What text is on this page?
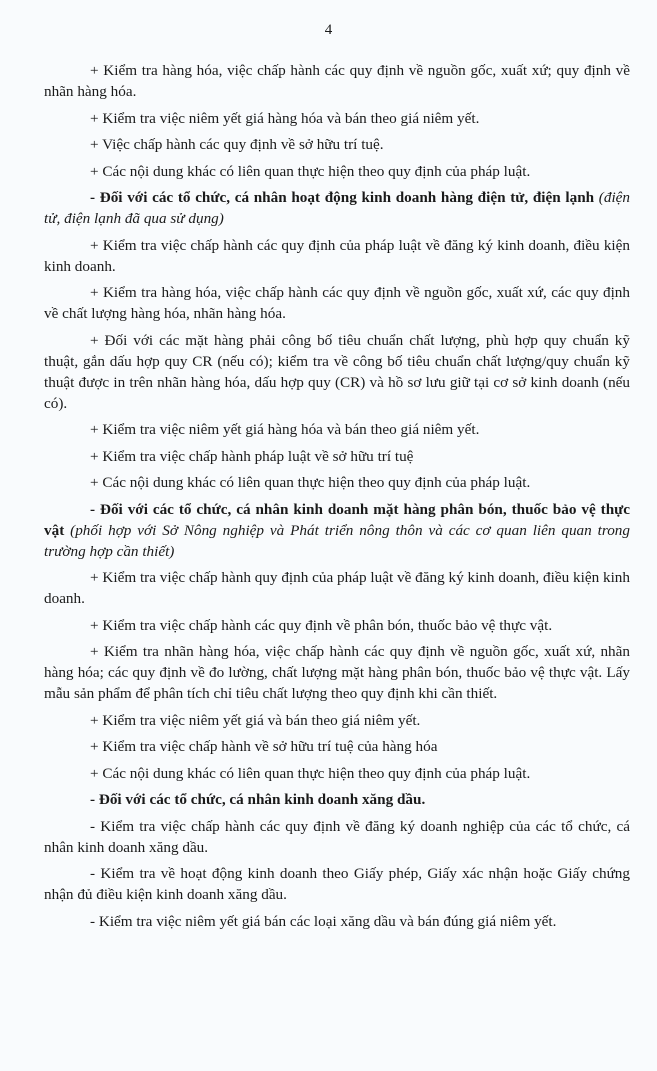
4

+ Kiểm tra hàng hóa, việc chấp hành các quy định về nguồn gốc, xuất xứ; quy định về nhãn hàng hóa.

+ Kiểm tra việc niêm yết giá hàng hóa và bán theo giá niêm yết.

+ Việc chấp hành các quy định về sở hữu trí tuệ.

+ Các nội dung khác có liên quan thực hiện theo quy định của pháp luật.

- Đối với các tổ chức, cá nhân hoạt động kinh doanh hàng điện tử, điện lạnh (điện tử, điện lạnh đã qua sử dụng)

+ Kiểm tra việc chấp hành các quy định của pháp luật về đăng ký kinh doanh, điều kiện kinh doanh.

+ Kiểm tra hàng hóa, việc chấp hành các quy định về nguồn gốc, xuất xứ, các quy định về chất lượng hàng hóa, nhãn hàng hóa.

+ Đối với các mặt hàng phải công bố tiêu chuẩn chất lượng, phù hợp quy chuẩn kỹ thuật, gắn dấu hợp quy CR (nếu có); kiểm tra về công bố tiêu chuẩn chất lượng/quy chuẩn kỹ thuật được in trên nhãn hàng hóa, dấu hợp quy (CR) và hồ sơ lưu giữ tại cơ sở kinh doanh (nếu có).

+ Kiểm tra việc niêm yết giá hàng hóa và bán theo giá niêm yết.

+ Kiểm tra việc chấp hành pháp luật về sở hữu trí tuệ

+ Các nội dung khác có liên quan thực hiện theo quy định của pháp luật.

- Đối với các tổ chức, cá nhân kinh doanh mặt hàng phân bón, thuốc bảo vệ thực vật (phối hợp với Sở Nông nghiệp và Phát triển nông thôn và các cơ quan liên quan trong trường hợp cần thiết)

+ Kiểm tra việc chấp hành quy định của pháp luật về đăng ký kinh doanh, điều kiện kinh doanh.

+ Kiểm tra việc chấp hành các quy định về phân bón, thuốc bảo vệ thực vật.

+ Kiểm tra nhãn hàng hóa, việc chấp hành các quy định về nguồn gốc, xuất xứ, nhãn hàng hóa; các quy định về đo lường, chất lượng mặt hàng phân bón, thuốc bảo vệ thực vật. Lấy mẫu sản phẩm để phân tích chỉ tiêu chất lượng theo quy định khi cần thiết.

+ Kiểm tra việc niêm yết giá và bán theo giá niêm yết.

+ Kiểm tra việc chấp hành về sở hữu trí tuệ của hàng hóa

+ Các nội dung khác có liên quan thực hiện theo quy định của pháp luật.

- Đối với các tổ chức, cá nhân kinh doanh xăng dầu.

- Kiểm tra việc chấp hành các quy định về đăng ký doanh nghiệp của các tổ chức, cá nhân kinh doanh xăng dầu.

- Kiểm tra về hoạt động kinh doanh theo Giấy phép, Giấy xác nhận hoặc Giấy chứng nhận đủ điều kiện kinh doanh xăng dầu.

- Kiểm tra việc niêm yết giá bán các loại xăng dầu và bán đúng giá niêm yết.
